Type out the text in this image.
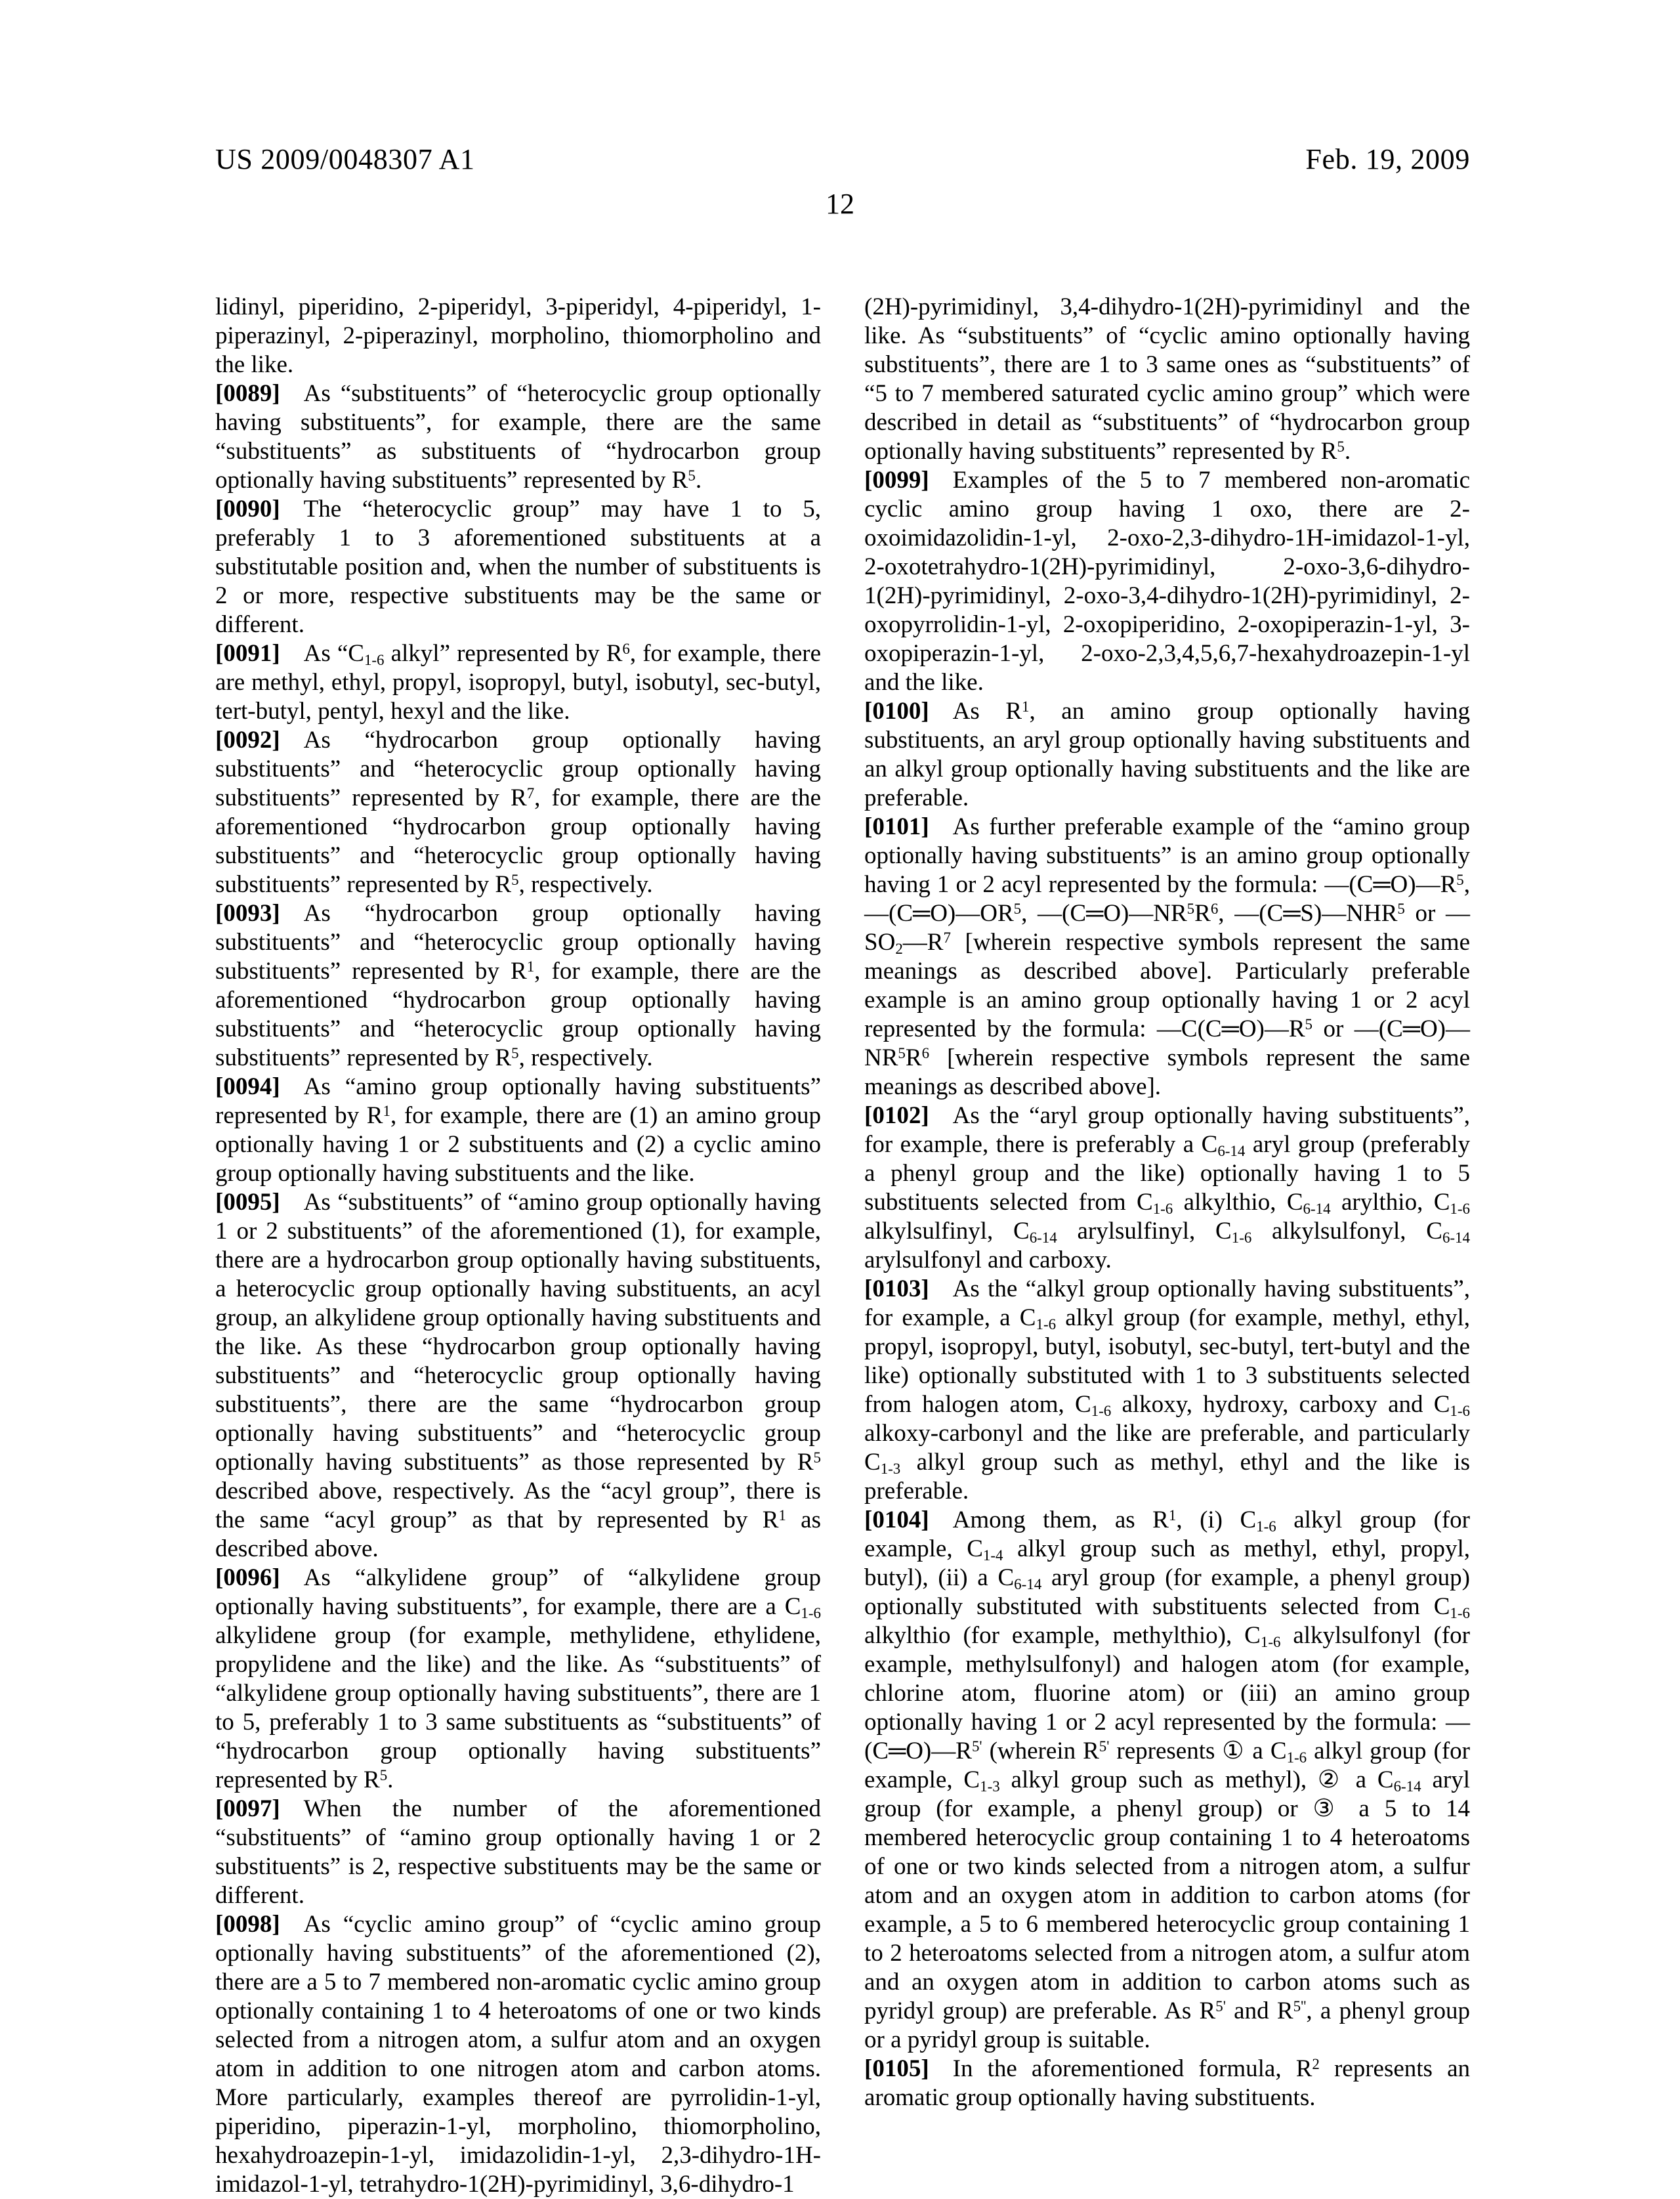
US 2009/0048307 A1	Feb. 19, 2009
12

lidinyl, piperidino, 2-piperidyl, 3-piperidyl, 4-piperidyl, 1-piperazinyl, 2-piperazinyl, morpholino, thiomorpholino and the like.

[0089] As “substituents” of “heterocyclic group optionally having substituents”, for example, there are the same “substituents” as substituents of “hydrocarbon group optionally having substituents” represented by $R^5$.

[0090] The “heterocyclic group” may have 1 to 5, preferably 1 to 3 aforementioned substituents at a substitutable position and, when the number of substituents is 2 or more, respective substituents may be the same or different.

[0091] As “$C_{1-6}$ alkyl” represented by $R^6$, for example, there are methyl, ethyl, propyl, isopropyl, butyl, isobutyl, sec-butyl, tert-butyl, pentyl, hexyl and the like.

[0092] As “hydrocarbon group optionally having substituents” and “heterocyclic group optionally having substituents” represented by $R^7$, for example, there are the aforementioned “hydrocarbon group optionally having substituents” and “heterocyclic group optionally having substituents” represented by $R^5$, respectively.

[0093] As “hydrocarbon group optionally having substituents” and “heterocyclic group optionally having substituents” represented by $R^1$, for example, there are the aforementioned “hydrocarbon group optionally having substituents” and “heterocyclic group optionally having substituents” represented by $R^5$, respectively.

[0094] As “amino group optionally having substituents” represented by $R^1$, for example, there are (1) an amino group optionally having 1 or 2 substituents and (2) a cyclic amino group optionally having substituents and the like.

[0095] As “substituents” of “amino group optionally having 1 or 2 substituents” of the aforementioned (1), for example, there are a hydrocarbon group optionally having substituents, a heterocyclic group optionally having substituents, an acyl group, an alkylidene group optionally having substituents and the like. As these “hydrocarbon group optionally having substituents” and “heterocyclic group optionally having substituents”, there are the same “hydrocarbon group optionally having substituents” and “heterocyclic group optionally having substituents” as those represented by $R^5$ described above, respectively. As the “acyl group”, there is the same “acyl group” as that by represented by $R^1$ as described above.

[0096] As “alkylidene group” of “alkylidene group optionally having substituents”, for example, there are a $C_{1-6}$ alkylidene group (for example, methylidene, ethylidene, propylidene and the like) and the like. As “substituents” of “alkylidene group optionally having substituents”, there are 1 to 5, preferably 1 to 3 same substituents as “substituents” of “hydrocarbon group optionally having substituents” represented by $R^5$.

[0097] When the number of the aforementioned “substituents” of “amino group optionally having 1 or 2 substituents” is 2, respective substituents may be the same or different.

[0098] As “cyclic amino group” of “cyclic amino group optionally having substituents” of the aforementioned (2), there are a 5 to 7 membered non-aromatic cyclic amino group optionally containing 1 to 4 heteroatoms of one or two kinds selected from a nitrogen atom, a sulfur atom and an oxygen atom in addition to one nitrogen atom and carbon atoms. More particularly, examples thereof are pyrrolidin-1-yl, piperidino, piperazin-1-yl, morpholino, thiomorpholino, hexahydroazepin-1-yl, imidazolidin-1-yl, 2,3-dihydro-1H-imidazol-1-yl, tetrahydro-1(2H)-pyrimidinyl, 3,6-dihydro-1

(2H)-pyrimidinyl, 3,4-dihydro-1(2H)-pyrimidinyl and the like. As “substituents” of “cyclic amino optionally having substituents”, there are 1 to 3 same ones as “substituents” of “5 to 7 membered saturated cyclic amino group” which were described in detail as “substituents” of “hydrocarbon group optionally having substituents” represented by $R^5$.

[0099] Examples of the 5 to 7 membered non-aromatic cyclic amino group having 1 oxo, there are 2-oxoimidazolidin-1-yl, 2-oxo-2,3-dihydro-1H-imidazol-1-yl, 2-oxotetrahydro-1(2H)-pyrimidinyl, 2-oxo-3,6-dihydro-1(2H)-pyrimidinyl, 2-oxo-3,4-dihydro-1(2H)-pyrimidinyl, 2-oxopyrrolidin-1-yl, 2-oxopiperidino, 2-oxopiperazin-1-yl, 3-oxopiperazin-1-yl, 2-oxo-2,3,4,5,6,7-hexahydroazepin-1-yl and the like.

[0100] As $R^1$, an amino group optionally having substituents, an aryl group optionally having substituents and an alkyl group optionally having substituents and the like are preferable.

[0101] As further preferable example of the “amino group optionally having substituents” is an amino group optionally having 1 or 2 acyl represented by the formula: $—(C═O)—R^5$, $—(C═O)—OR^5$, $—(C═O)—NR^5R^6$, —(C═S)—NHR$^5$ or $—SO_2—R^7$ [wherein respective symbols represent the same meanings as described above]. Particularly preferable example is an amino group optionally having 1 or 2 acyl represented by the formula: $—C(C═O)—R^5$ or $—(C═O)—NR^5R^6$ [wherein respective symbols represent the same meanings as described above].

[0102] As the “aryl group optionally having substituents”, for example, there is preferably a $C_{6-14}$ aryl group (preferably a phenyl group and the like) optionally having 1 to 5 substituents selected from $C_{1-6}$ alkylthio, $C_{6-14}$ arylthio, $C_{1-6}$ alkylsulfinyl, $C_{6-14}$ arylsulfinyl, $C_{1-6}$ alkylsulfonyl, $C_{6-14}$ arylsulfonyl and carboxy.

[0103] As the “alkyl group optionally having substituents”, for example, a $C_{1-6}$ alkyl group (for example, methyl, ethyl, propyl, isopropyl, butyl, isobutyl, sec-butyl, tert-butyl and the like) optionally substituted with 1 to 3 substituents selected from halogen atom, $C_{1-6}$ alkoxy, hydroxy, carboxy and $C_{1-6}$ alkoxy-carbonyl and the like are preferable, and particularly $C_{1-3}$ alkyl group such as methyl, ethyl and the like is preferable.

[0104] Among them, as $R^1$, (i) $C_{1-6}$ alkyl group (for example, $C_{1-4}$ alkyl group such as methyl, ethyl, propyl, butyl), (ii) a $C_{6-14}$ aryl group (for example, a phenyl group) optionally substituted with substituents selected from $C_{1-6}$ alkylthio (for example, methylthio), $C_{1-6}$ alkylsulfonyl (for example, methylsulfonyl) and halogen atom (for example, chlorine atom, fluorine atom) or (iii) an amino group optionally having 1 or 2 acyl represented by the formula: $—(C═O)—R^{5'}$ (wherein $R^{5'}$ represents ① a $C_{1-6}$ alkyl group (for example, $C_{1-3}$ alkyl group such as methyl), ② a $C_{6-14}$ aryl group (for example, a phenyl group) or ③ a 5 to 14 membered heterocyclic group containing 1 to 4 heteroatoms of one or two kinds selected from a nitrogen atom, a sulfur atom and an oxygen atom in addition to carbon atoms (for example, a 5 to 6 membered heterocyclic group containing 1 to 2 heteroatoms selected from a nitrogen atom, a sulfur atom and an oxygen atom in addition to carbon atoms such as pyridyl group) are preferable. As $R^{5'}$ and $R^{5''}$, a phenyl group or a pyridyl group is suitable.

[0105] In the aforementioned formula, $R^2$ represents an aromatic group optionally having substituents.
